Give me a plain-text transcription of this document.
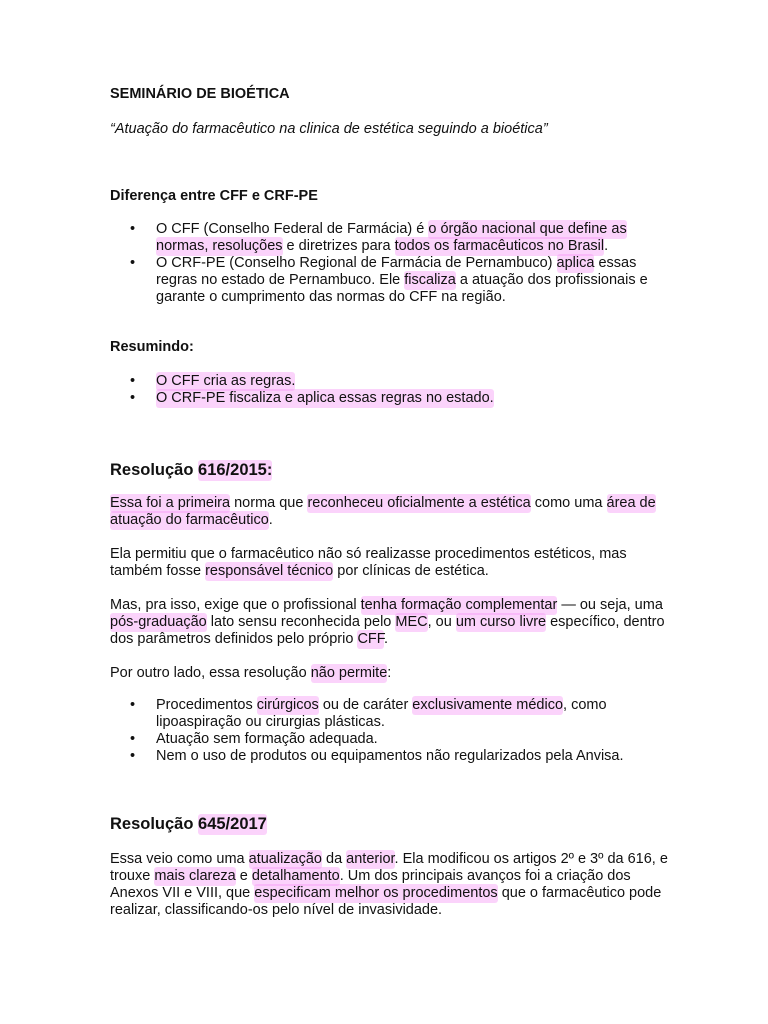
SEMINÁRIO DE BIOÉTICA

“Atuação do farmacêutico na clinica de estética seguindo a bioética”

Diferença entre CFF e CRF-PE

• O CFF (Conselho Federal de Farmácia) é o órgão nacional que define as normas, resoluções e diretrizes para todos os farmacêuticos no Brasil.
• O CRF-PE (Conselho Regional de Farmácia de Pernambuco) aplica essas regras no estado de Pernambuco. Ele fiscaliza a atuação dos profissionais e garante o cumprimento das normas do CFF na região.

Resumindo:

• O CFF cria as regras.
• O CRF-PE fiscaliza e aplica essas regras no estado.

Resolução 616/2015:

Essa foi a primeira norma que reconheceu oficialmente a estética como uma área de atuação do farmacêutico.

Ela permitiu que o farmacêutico não só realizasse procedimentos estéticos, mas também fosse responsável técnico por clínicas de estética.

Mas, pra isso, exige que o profissional tenha formação complementar — ou seja, uma pós-graduação lato sensu reconhecida pelo MEC, ou um curso livre específico, dentro dos parâmetros definidos pelo próprio CFF.

Por outro lado, essa resolução não permite:

• Procedimentos cirúrgicos ou de caráter exclusivamente médico, como lipoaspiração ou cirurgias plásticas.
• Atuação sem formação adequada.
• Nem o uso de produtos ou equipamentos não regularizados pela Anvisa.

Resolução 645/2017

Essa veio como uma atualização da anterior. Ela modificou os artigos 2º e 3º da 616, e trouxe mais clareza e detalhamento. Um dos principais avanços foi a criação dos Anexos VII e VIII, que especificam melhor os procedimentos que o farmacêutico pode realizar, classificando-os pelo nível de invasividade.
